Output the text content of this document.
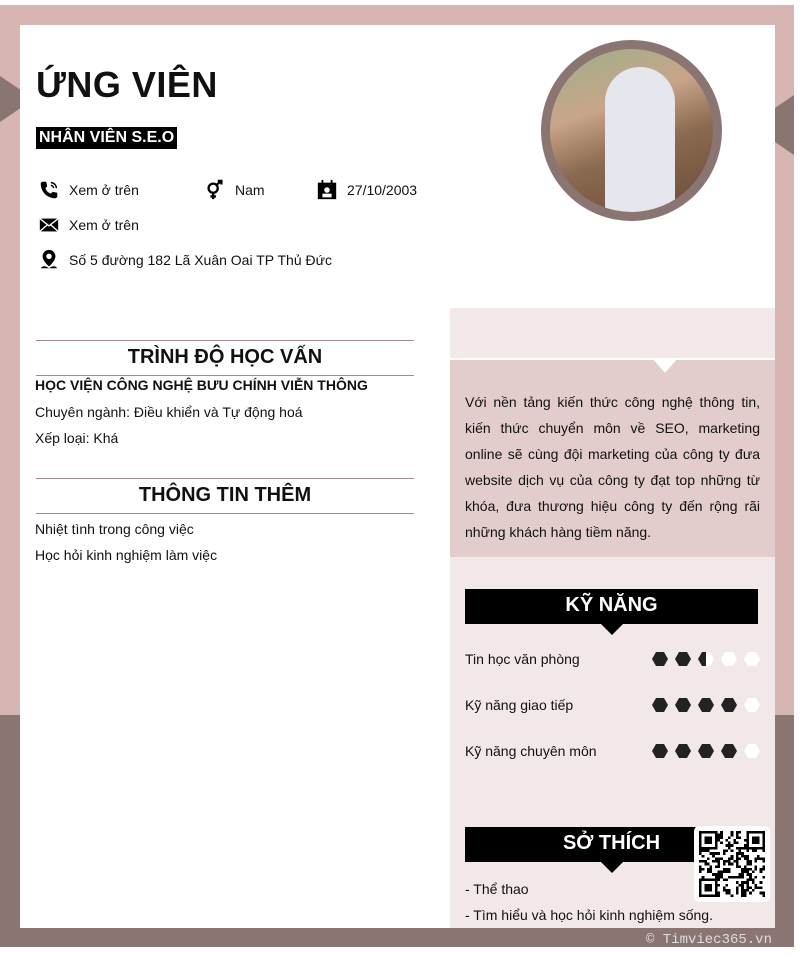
ỨNG VIÊN
NHÂN VIÊN S.E.O
Xem ở trên	Nam	27/10/2003
Xem ở trên
Số 5 đường 182 Lã Xuân Oai TP Thủ Đức
TRÌNH ĐỘ HỌC VẤN
HỌC VIỆN CÔNG NGHỆ BƯU CHÍNH VIỄN THÔNG
Chuyên ngành: Điều khiển và Tự động hoá
Xếp loại: Khá
THÔNG TIN THÊM
Nhiệt tình trong công việc
Học hỏi kinh nghiệm làm việc
Với nền tảng kiến thức công nghệ thông tin, kiến thức chuyển môn về SEO, marketing online sẽ cùng đội marketing của công ty đưa website dịch vụ của công ty đạt top những từ khóa, đưa thương hiệu công ty đến rộng rãi những khách hàng tiềm năng.
KỸ NĂNG
Tin học văn phòng
Kỹ năng giao tiếp
Kỹ năng chuyên môn
SỞ THÍCH
- Thể thao
- Tìm hiểu và học hỏi kinh nghiệm sống.
© Timviec365.vn
